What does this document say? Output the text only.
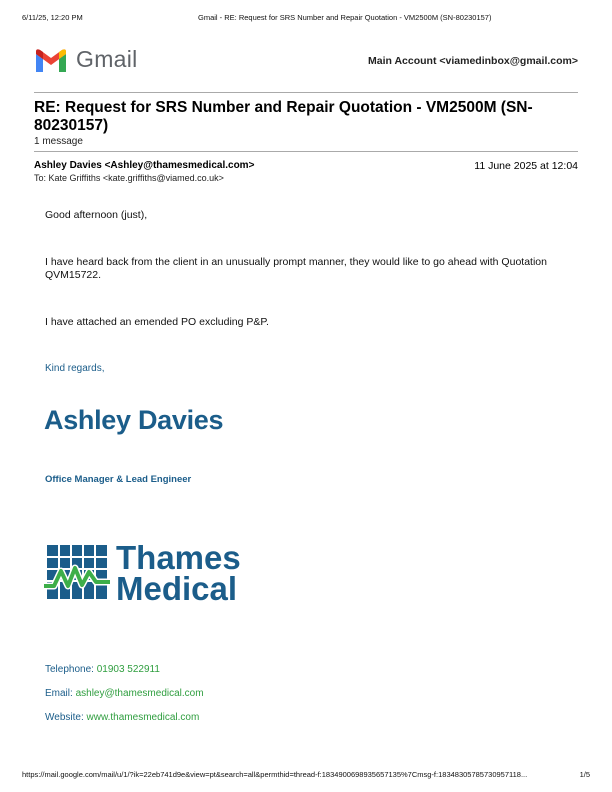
6/11/25, 12:20 PM	Gmail - RE: Request for SRS Number and Repair Quotation - VM2500M (SN-80230157)
Gmail	Main Account <viamedinbox@gmail.com>
RE: Request for SRS Number and Repair Quotation - VM2500M (SN-80230157)
1 message
Ashley Davies <Ashley@thamesmedical.com>	11 June 2025 at 12:04
To: Kate Griffiths <kate.griffiths@viamed.co.uk>
Good afternoon (just),
I have heard back from the client in an unusually prompt manner, they would like to go ahead with Quotation QVM15722.
I have attached an emended PO excluding P&P.
Kind regards,
Ashley Davies
Office Manager & Lead Engineer
Thames
Medical
Telephone: 01903 522911
Email: ashley@thamesmedical.com
Website: www.thamesmedical.com
https://mail.google.com/mail/u/1/?ik=22eb741d9e&view=pt&search=all&permthid=thread-f:1834900698935657135%7Cmsg-f:18348305785730957118...	1/5
